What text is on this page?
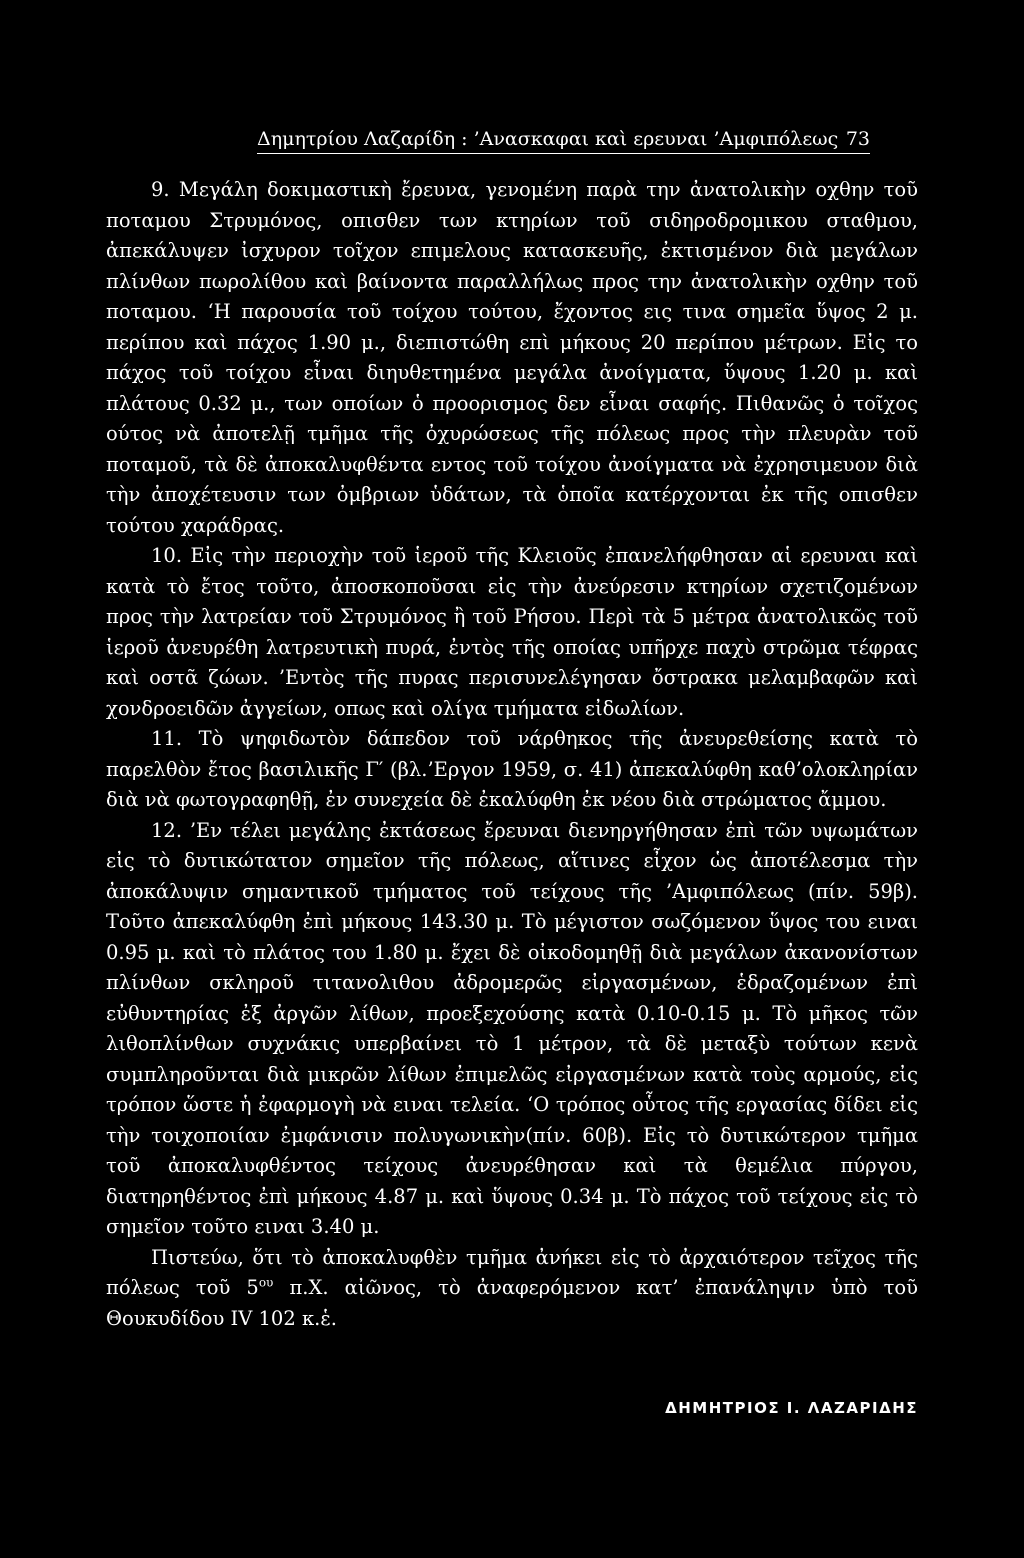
Δημητρίου Λαζαρίδη : ’Ανασκαφαι καὶ ερευναι ’Αμφιπόλεως 73

9. Μεγάλη δοκιμαστικὴ ἔρευνα, γενομένη παρὰ την ἀνατολικὴν οχθην τοῦ ποταμου Στρυμόνος, οπισθεν των κτηρίων τοῦ σιδηροδρομικου σταθμου, ἀπεκάλυψεν ἰσχυρον τοῖχον επιμελους κατασκευῆς, ἐκτισμένον διὰ μεγάλων πλίνθων πωρολίθου καὶ βαίνοντα παραλλήλως προς την ἀνατολικὴν οχθην τοῦ ποταμου. ‘Η παρουσία τοῦ τοίχου τούτου, ἔχοντος εις τινα σημεῖα ὕψος 2 μ. περίπου καὶ πάχος 1.90 μ., διεπιστώθη επὶ μήκους 20 περίπου μέτρων. Εἰς το πάχος τοῦ τοίχου εἶναι διηυθετημένα μεγάλα ἀνοίγματα, ὕψους 1.20 μ. καὶ πλάτους 0.32 μ., των οποίων ὁ προορισμος δεν εἶναι σαφής. Πιθανῶς ὁ τοῖχος ούτος νὰ ἀποτελῇ τμῆμα τῆς ὀχυρώσεως τῆς πόλεως προς τὴν πλευρὰν τοῦ ποταμοῦ, τὰ δὲ ἀποκαλυφθέντα εντος τοῦ τοίχου ἀνοίγματα νὰ ἐχρησιμευον διὰ τὴν ἀποχέτευσιν των ὀμβριων ὑδάτων, τὰ ὁποῖα κατέρχονται ἐκ τῆς οπισθεν τούτου χαράδρας.

10. Εἰς τὴν περιοχὴν τοῦ ἱεροῦ τῆς Κλειοῦς ἐπανελήφθησαν αἱ ερευναι καὶ κατὰ τὸ ἔτος τοῦτο, ἀποσκοποῦσαι εἰς τὴν ἀνεύρεσιν κτηρίων σχετιζομένων προς τὴν λατρείαν τοῦ Στρυμόνος ἢ τοῦ Ρήσου. Περὶ τὰ 5 μέτρα ἀνατολικῶς τοῦ ἱεροῦ ἀνευρέθη λατρευτικὴ πυρά, ἐντὸς τῆς οποίας υπῆρχε παχὺ στρῶμα τέφρας καὶ οστᾶ ζώων. ’Εντὸς τῆς πυρας περισυνελέγησαν ὄστρακα μελαμβαφῶν καὶ χονδροειδῶν ἀγγείων, οπως καὶ ολίγα τμήματα εἰδωλίων.

11. Τὸ ψηφιδωτὸν δάπεδον τοῦ νάρθηκος τῆς ἀνευρεθείσης κατὰ τὸ παρελθὸν ἔτος βασιλικῆς Γ′ (βλ.’Εργον 1959, σ. 41) ἀπεκαλύφθη καθ’ολοκληρίαν διὰ νὰ φωτογραφηθῇ, ἐν συνεχεία δὲ ἐκαλύφθη ἐκ νέου διὰ στρώματος ἄμμου.

12. ’Εν τέλει μεγάλης ἐκτάσεως ἔρευναι διενηργήθησαν ἐπὶ τῶν υψωμάτων εἰς τὸ δυτικώτατον σημεῖον τῆς πόλεως, αἵτινες εἶχον ὡς ἀποτέλεσμα τὴν ἀποκάλυψιν σημαντικοῦ τμήματος τοῦ τείχους τῆς ’Αμφιπόλεως (πίν. 59β). Τοῦτο ἀπεκαλύφθη ἐπὶ μήκους 143.30 μ. Τὸ μέγιστον σωζόμενον ὕψος του ειναι 0.95 μ. καὶ τὸ πλάτος του 1.80 μ. ἔχει δὲ οἰκοδομηθῇ διὰ μεγάλων ἀκανονίστων πλίνθων σκληροῦ τιτανολιθου ἀδρομερῶς εἰργασμένων, ἑδραζομένων ἐπὶ εὐθυντηρίας ἐξ ἀργῶν λίθων, προεξεχούσης κατὰ 0.10-0.15 μ. Τὸ μῆκος τῶν λιθοπλίνθων συχνάκις υπερβαίνει τὸ 1 μέτρον, τὰ δὲ μεταξὺ τούτων κενὰ συμπληροῦνται διὰ μικρῶν λίθων ἐπιμελῶς εἰργασμένων κατὰ τοὺς αρμούς, εἰς τρόπον ὥστε ἡ ἐφαρμογὴ νὰ ειναι τελεία. ‘Ο τρόπος οὗτος τῆς εργασίας δίδει εἰς τὴν τοιχοποιίαν ἐμφάνισιν πολυγωνικὴν(πίν. 60β). Εἰς τὸ δυτικώτερον τμῆμα τοῦ ἀποκαλυφθέντος τείχους ἀνευρέθησαν καὶ τὰ θεμέλια πύργου, διατηρηθέντος ἐπὶ μήκους 4.87 μ. καὶ ὕψους 0.34 μ. Τὸ πάχος τοῦ τείχους εἰς τὸ σημεῖον τοῦτο ειναι 3.40 μ.

Πιστεύω, ὅτι τὸ ἀποκαλυφθὲν τμῆμα ἀνήκει εἰς τὸ ἀρχαιότερον τεῖχος τῆς πόλεως τοῦ $5^{o\upsilon}$ π.Χ. αἰῶνος, τὸ ἀναφερόμενον κατ’ ἐπανάληψιν ὑπὸ τοῦ Θουκυδίδου IV 102 κ.ἑ.

ΔΗΜΗΤΡΙΟΣ Ι. ΛΑΖΑΡΙΔΗΣ
